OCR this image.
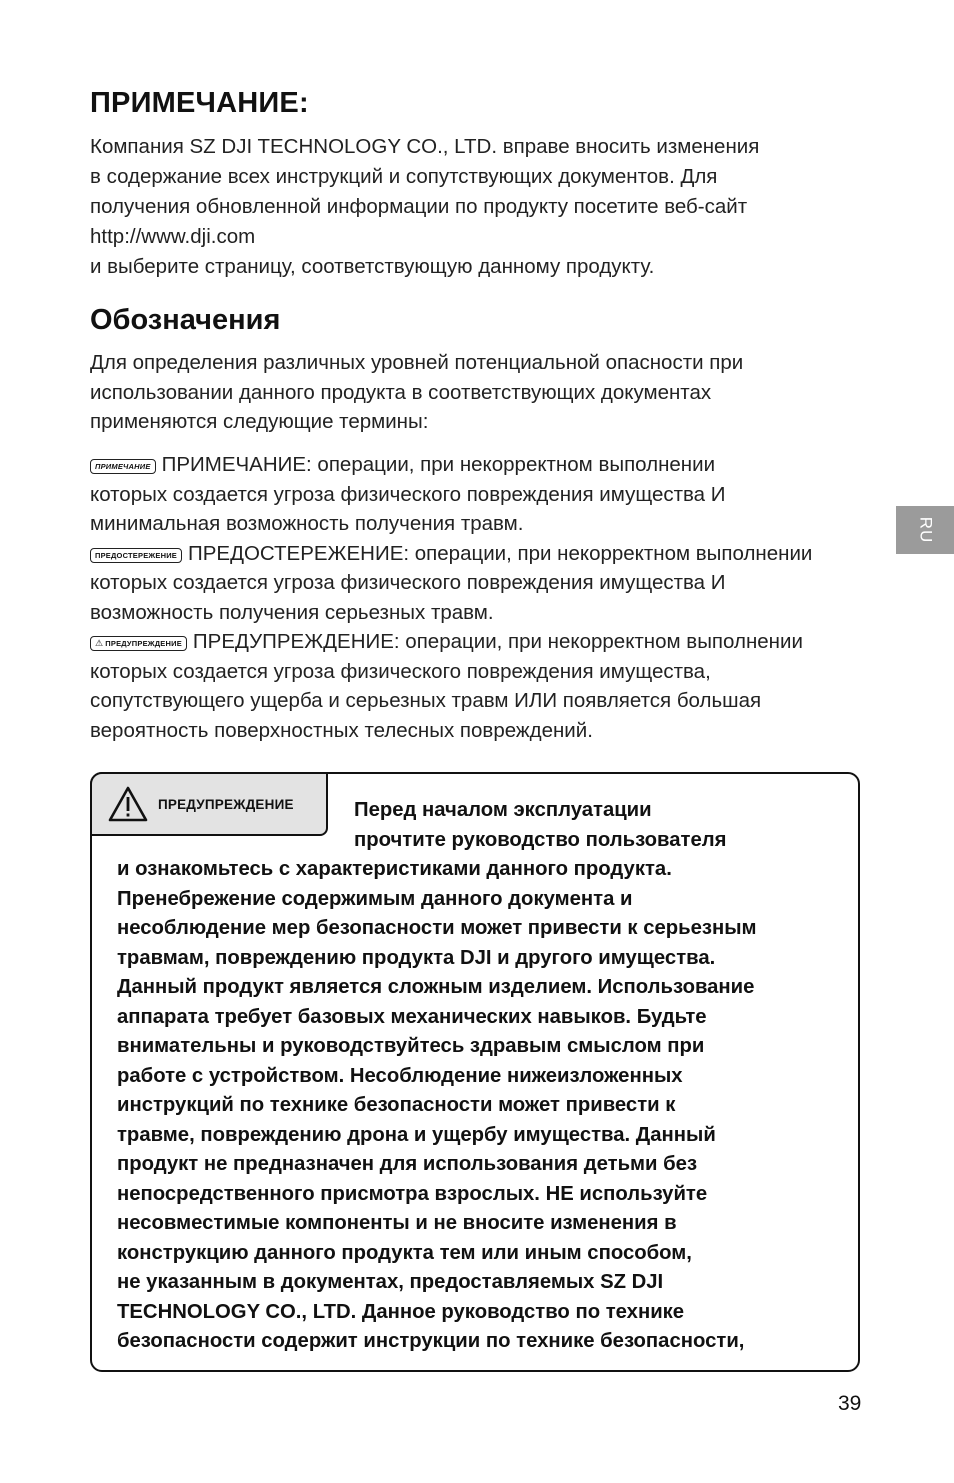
ПРИМЕЧАНИЕ:

Компания SZ DJI TECHNOLOGY CO., LTD. вправе вносить изменения

в содержание всех инструкций и сопутствующих документов. Для

получения обновленной информации по продукту посетите веб-сайт

http://www.dji.com

и выберите страницу, соответствующую данному продукту.

Обозначения
Для определения различных уровней потенциальной опасности при
использовании данного продукта в соответствующих документах
применяются следующие термины:
ПРИМЕЧАНИЕ ПРИМЕЧАНИЕ: операции, при некорректном выполнении
которых создается угроза физического повреждения имущества И
минимальная возможность получения травм.
ПРЕДОСТЕРЕЖЕНИЕ ПРЕДОСТЕРЕЖЕНИЕ: операции, при некорректном выполнении
которых создается угроза физического повреждения имущества И
возможность получения серьезных травм.
⚠ ПРЕДУПРЕЖДЕНИЕ ПРЕДУПРЕЖДЕНИЕ: операции, при некорректном выполнении
которых создается угроза физического повреждения имущества,
сопутствующего ущерба и серьезных травм ИЛИ появляется большая
вероятность поверхностных телесных повреждений.
RU
ПРЕДУПРЕЖДЕНИЕ	Перед началом эксплуатации
прочтите руководство пользователя
и ознакомьтесь с характеристиками данного продукта.
Пренебрежение содержимым данного документа и
несоблюдение мер безопасности может привести к серьезным
травмам, повреждению продукта DJI и другого имущества.
Данный продукт является сложным изделием. Использование
аппарата требует базовых механических навыков. Будьте
внимательны и руководствуйтесь здравым смыслом при
работе с устройством. Несоблюдение нижеизложенных
инструкций по технике безопасности может привести к
травме, повреждению дрона и ущербу имущества. Данный
продукт не предназначен для использования детьми без
непосредственного присмотра взрослых. НЕ используйте
несовместимые компоненты и не вносите изменения в
конструкцию данного продукта тем или иным способом,
не указанным в документах, предоставляемых SZ DJI
TECHNOLOGY CO., LTD. Данное руководство по технике
безопасности содержит инструкции по технике безопасности,
39
